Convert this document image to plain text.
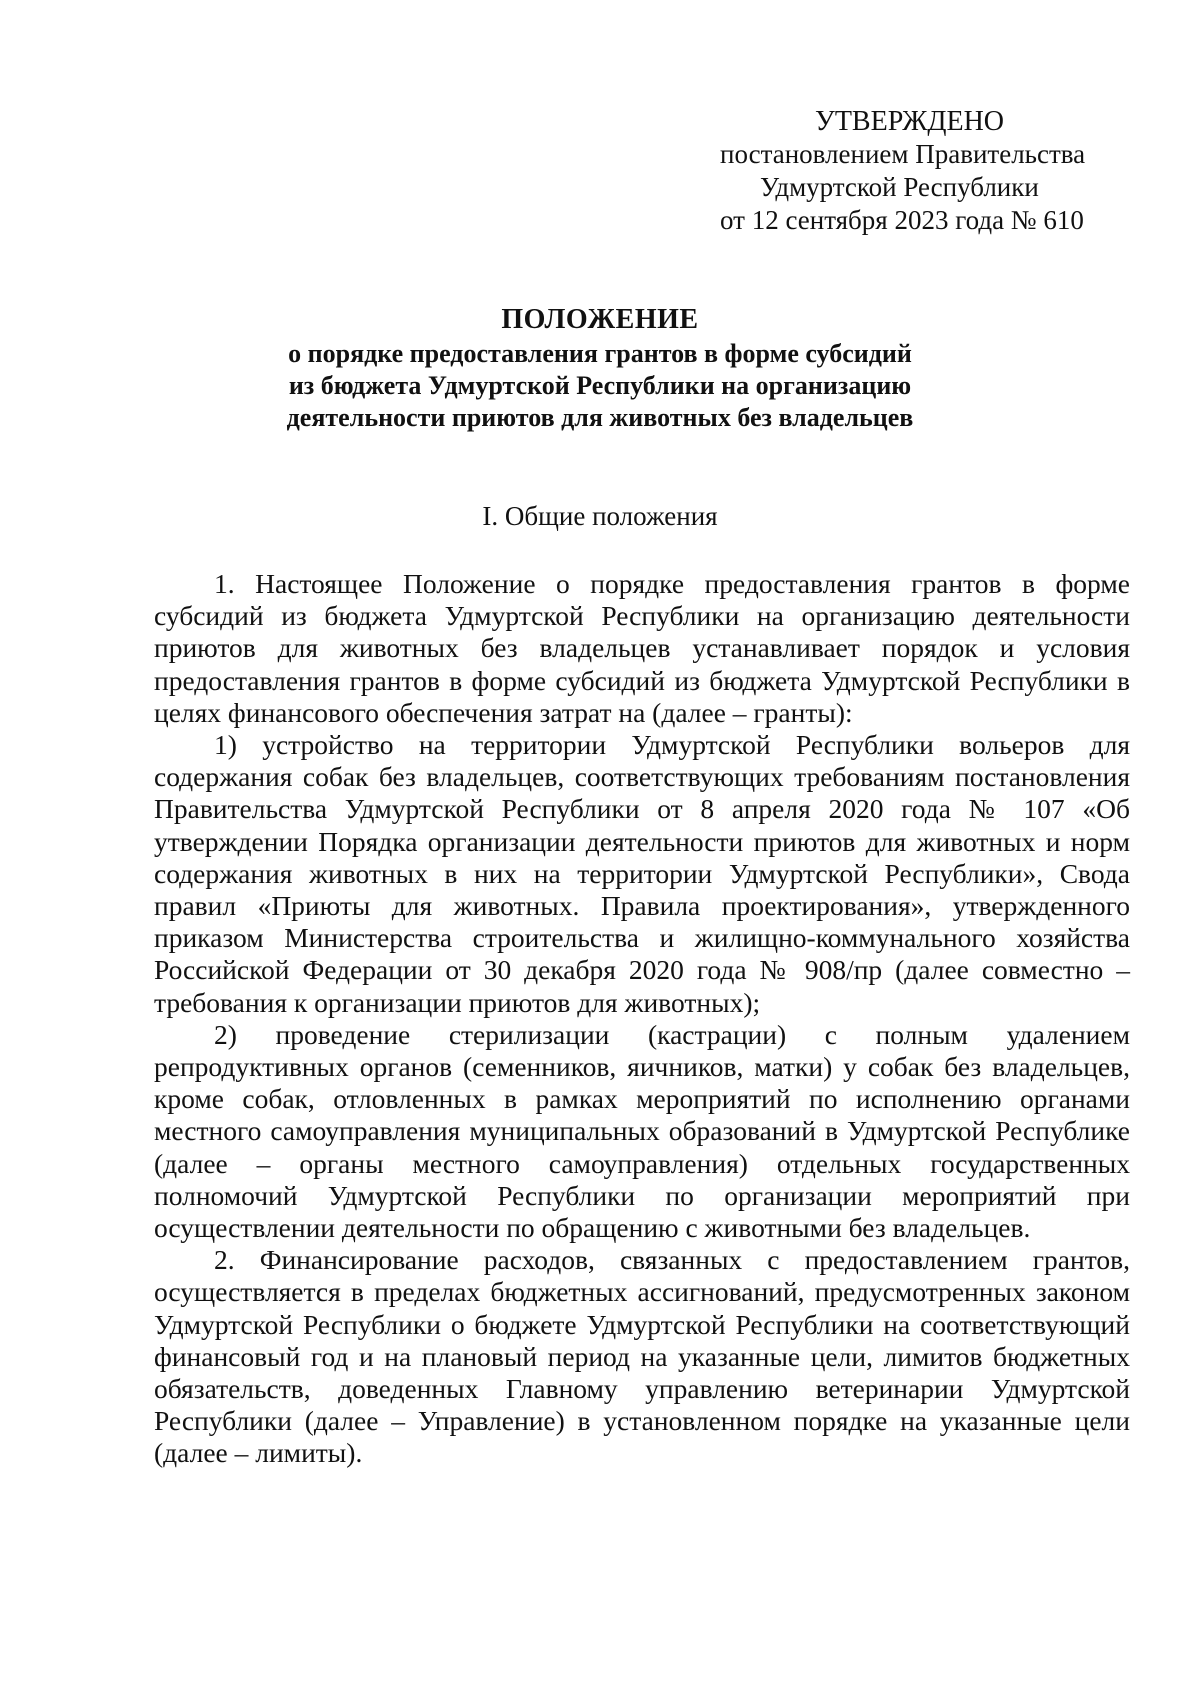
УТВЕРЖДЕНО
постановлением Правительства
Удмуртской Республики
от 12 сентября 2023 года № 610
ПОЛОЖЕНИЕ
о порядке предоставления грантов в форме субсидий
из бюджета Удмуртской Республики на организацию
деятельности приютов для животных без владельцев
I. Общие положения

1. Настоящее Положение о порядке предоставления грантов в форме субсидий из бюджета Удмуртской Республики на организацию деятельности приютов для животных без владельцев устанавливает порядок и условия предоставления грантов в форме субсидий из бюджета Удмуртской Республики в целях финансового обеспечения затрат на (далее – гранты):

1) устройство на территории Удмуртской Республики вольеров для содержания собак без владельцев, соответствующих требованиям постановления Правительства Удмуртской Республики от 8 апреля 2020 года № 107 «Об утверждении Порядка организации деятельности приютов для животных и норм содержания животных в них на территории Удмуртской Республики», Свода правил «Приюты для животных. Правила проектирования», утвержденного приказом Министерства строительства и жилищно-коммунального хозяйства Российской Федерации от 30 декабря 2020 года № 908/пр (далее совместно – требования к организации приютов для животных);

2) проведение стерилизации (кастрации) с полным удалением репродуктивных органов (семенников, яичников, матки) у собак без владельцев, кроме собак, отловленных в рамках мероприятий по исполнению органами местного самоуправления муниципальных образований в Удмуртской Республике (далее – органы местного самоуправления) отдельных государственных полномочий Удмуртской Республики по организации мероприятий при осуществлении деятельности по обращению с животными без владельцев.

2. Финансирование расходов, связанных с предоставлением грантов, осуществляется в пределах бюджетных ассигнований, предусмотренных законом Удмуртской Республики о бюджете Удмуртской Республики на соответствующий финансовый год и на плановый период на указанные цели, лимитов бюджетных обязательств, доведенных Главному управлению ветеринарии Удмуртской Республики (далее – Управление) в установленном порядке на указанные цели (далее – лимиты).
